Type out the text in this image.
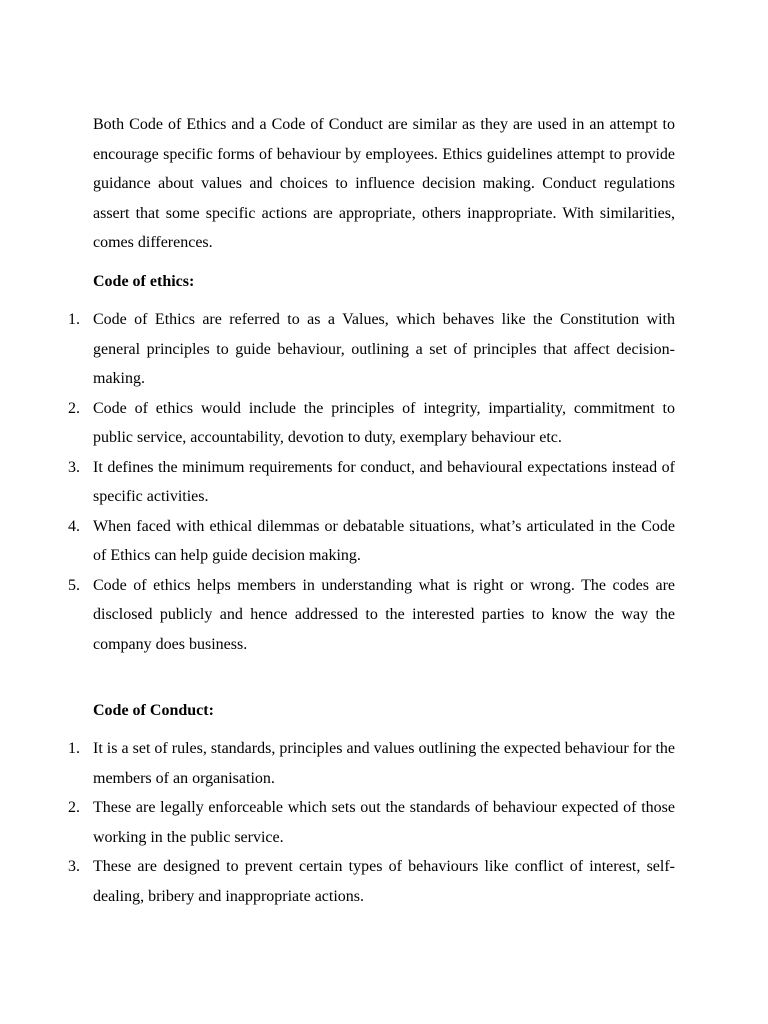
Both Code of Ethics and a Code of Conduct are similar as they are used in an attempt to encourage specific forms of behaviour by employees. Ethics guidelines attempt to provide guidance about values and choices to influence decision making. Conduct regulations assert that some specific actions are appropriate, others inappropriate. With similarities, comes differences.

Code of ethics:
1. Code of Ethics are referred to as a Values, which behaves like the Constitution with general principles to guide behaviour, outlining a set of principles that affect decision-making.
2. Code of ethics would include the principles of integrity, impartiality, commitment to public service, accountability, devotion to duty, exemplary behaviour etc.
3. It defines the minimum requirements for conduct, and behavioural expectations instead of specific activities.
4. When faced with ethical dilemmas or debatable situations, what’s articulated in the Code of Ethics can help guide decision making.
5. Code of ethics helps members in understanding what is right or wrong. The codes are disclosed publicly and hence addressed to the interested parties to know the way the company does business.
Code of Conduct:
1. It is a set of rules, standards, principles and values outlining the expected behaviour for the members of an organisation.
2. These are legally enforceable which sets out the standards of behaviour expected of those working in the public service.
3. These are designed to prevent certain types of behaviours like conflict of interest, self-dealing, bribery and inappropriate actions.
